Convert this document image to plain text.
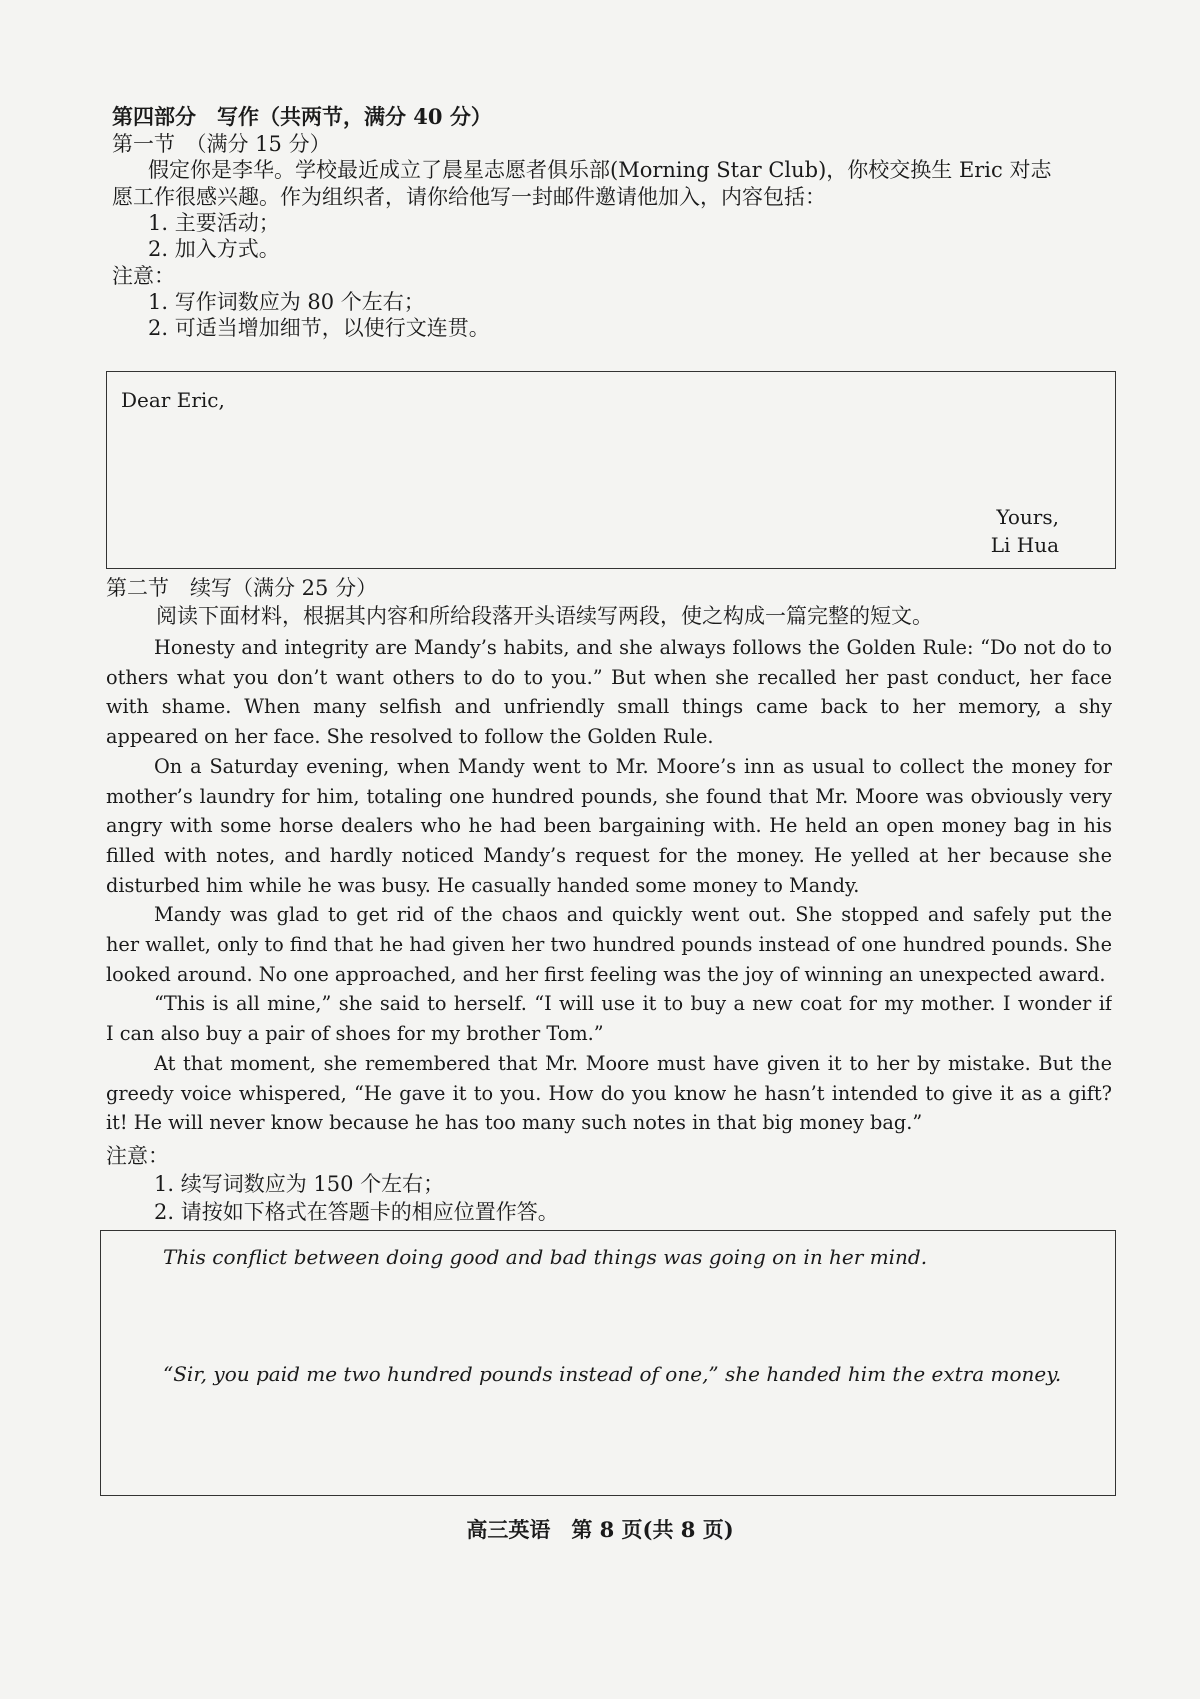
第四部分　写作（共两节，满分 40 分）
第一节　（满分 15 分）
假定你是李华。学校最近成立了晨星志愿者俱乐部(Morning Star Club)，你校交换生 Eric 对志
愿工作很感兴趣。作为组织者，请你给他写一封邮件邀请他加入，内容包括：
1. 主要活动；
2. 加入方式。
注意：
1. 写作词数应为 80 个左右；
2. 可适当增加细节，以使行文连贯。
Dear Eric,
Yours,
Li Hua
第二节　续写（满分 25 分）
阅读下面材料，根据其内容和所给段落开头语续写两段，使之构成一篇完整的短文。
Honesty and integrity are Mandy’s habits, and she always follows the Golden Rule: “Do not do to
others what you don’t want others to do to you.” But when she recalled her past conduct, her face
with shame. When many selfish and unfriendly small things came back to her memory, a shy
appeared on her face. She resolved to follow the Golden Rule.
On a Saturday evening, when Mandy went to Mr. Moore’s inn as usual to collect the money for
mother’s laundry for him, totaling one hundred pounds, she found that Mr. Moore was obviously very
angry with some horse dealers who he had been bargaining with. He held an open money bag in his
filled with notes, and hardly noticed Mandy’s request for the money. He yelled at her because she
disturbed him while he was busy. He casually handed some money to Mandy.
Mandy was glad to get rid of the chaos and quickly went out. She stopped and safely put the
her wallet, only to find that he had given her two hundred pounds instead of one hundred pounds. She
looked around. No one approached, and her first feeling was the joy of winning an unexpected award.
“This is all mine,” she said to herself. “I will use it to buy a new coat for my mother. I wonder if
I can also buy a pair of shoes for my brother Tom.”
At that moment, she remembered that Mr. Moore must have given it to her by mistake. But the
greedy voice whispered, “He gave it to you. How do you know he hasn’t intended to give it as a gift?
it! He will never know because he has too many such notes in that big money bag.”
注意：
1. 续写词数应为 150 个左右；
2. 请按如下格式在答题卡的相应位置作答。
This conflict between doing good and bad things was going on in her mind.
“Sir, you paid me two hundred pounds instead of one,” she handed him the extra money.
高三英语　第 8 页(共 8 页)
